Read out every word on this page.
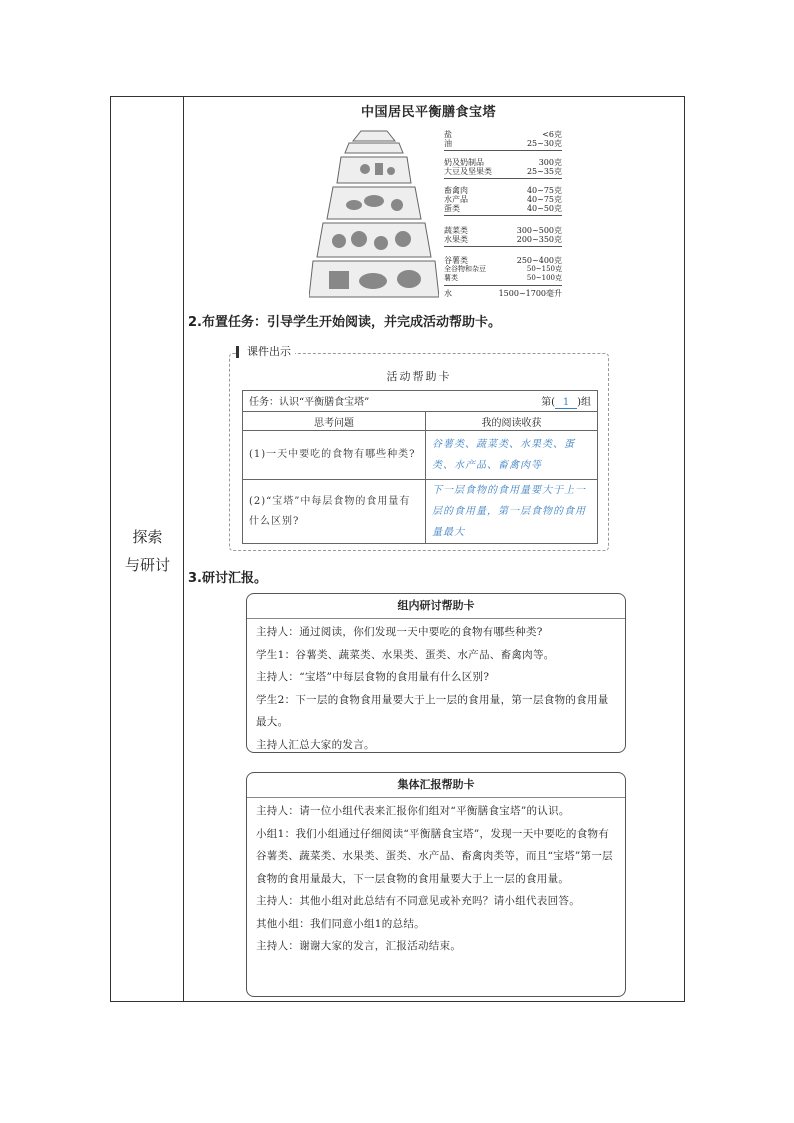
探索
与研讨
中国居民平衡膳食宝塔
盐	<6克
油	25~30克
奶及奶制品	300克
大豆及坚果类	25~35克
畜禽肉	40~75克
水产品	40~75克
蛋类	40~50克
蔬菜类	300~500克
水果类	200~350克
谷薯类	250~400克
全谷物和杂豆	50~150克
薯类	50~100克
水	1500~1700毫升
2.布置任务：引导学生开始阅读，并完成活动帮助卡。
课件出示
活动帮助卡
任务：认识“平衡膳食宝塔” 第( 1 )组	

思考问题	我的阅读收获
(1)一天中要吃的食物有哪些种类?	谷薯类、蔬菜类、水果类、蛋类、水产品、畜禽肉等
(2)“宝塔”中每层食物的食用量有什么区别?	下一层食物的食用量要大于上一层的食用量，第一层食物的食用量最大
3.研讨汇报。
组内研讨帮助卡

主持人：通过阅读，你们发现一天中要吃的食物有哪些种类?

学生1：谷薯类、蔬菜类、水果类、蛋类、水产品、畜禽肉等。

主持人：“宝塔”中每层食物的食用量有什么区别?

学生2：下一层的食物食用量要大于上一层的食用量，第一层食物的食用量最大。

主持人汇总大家的发言。

集体汇报帮助卡

主持人：请一位小组代表来汇报你们组对“平衡膳食宝塔”的认识。

小组1：我们小组通过仔细阅读“平衡膳食宝塔”，发现一天中要吃的食物有谷薯类、蔬菜类、水果类、蛋类、水产品、畜禽肉类等，而且“宝塔”第一层食物的食用量最大，下一层食物的食用量要大于上一层的食用量。

主持人：其他小组对此总结有不同意见或补充吗？请小组代表回答。

其他小组：我们同意小组1的总结。

主持人：谢谢大家的发言，汇报活动结束。
